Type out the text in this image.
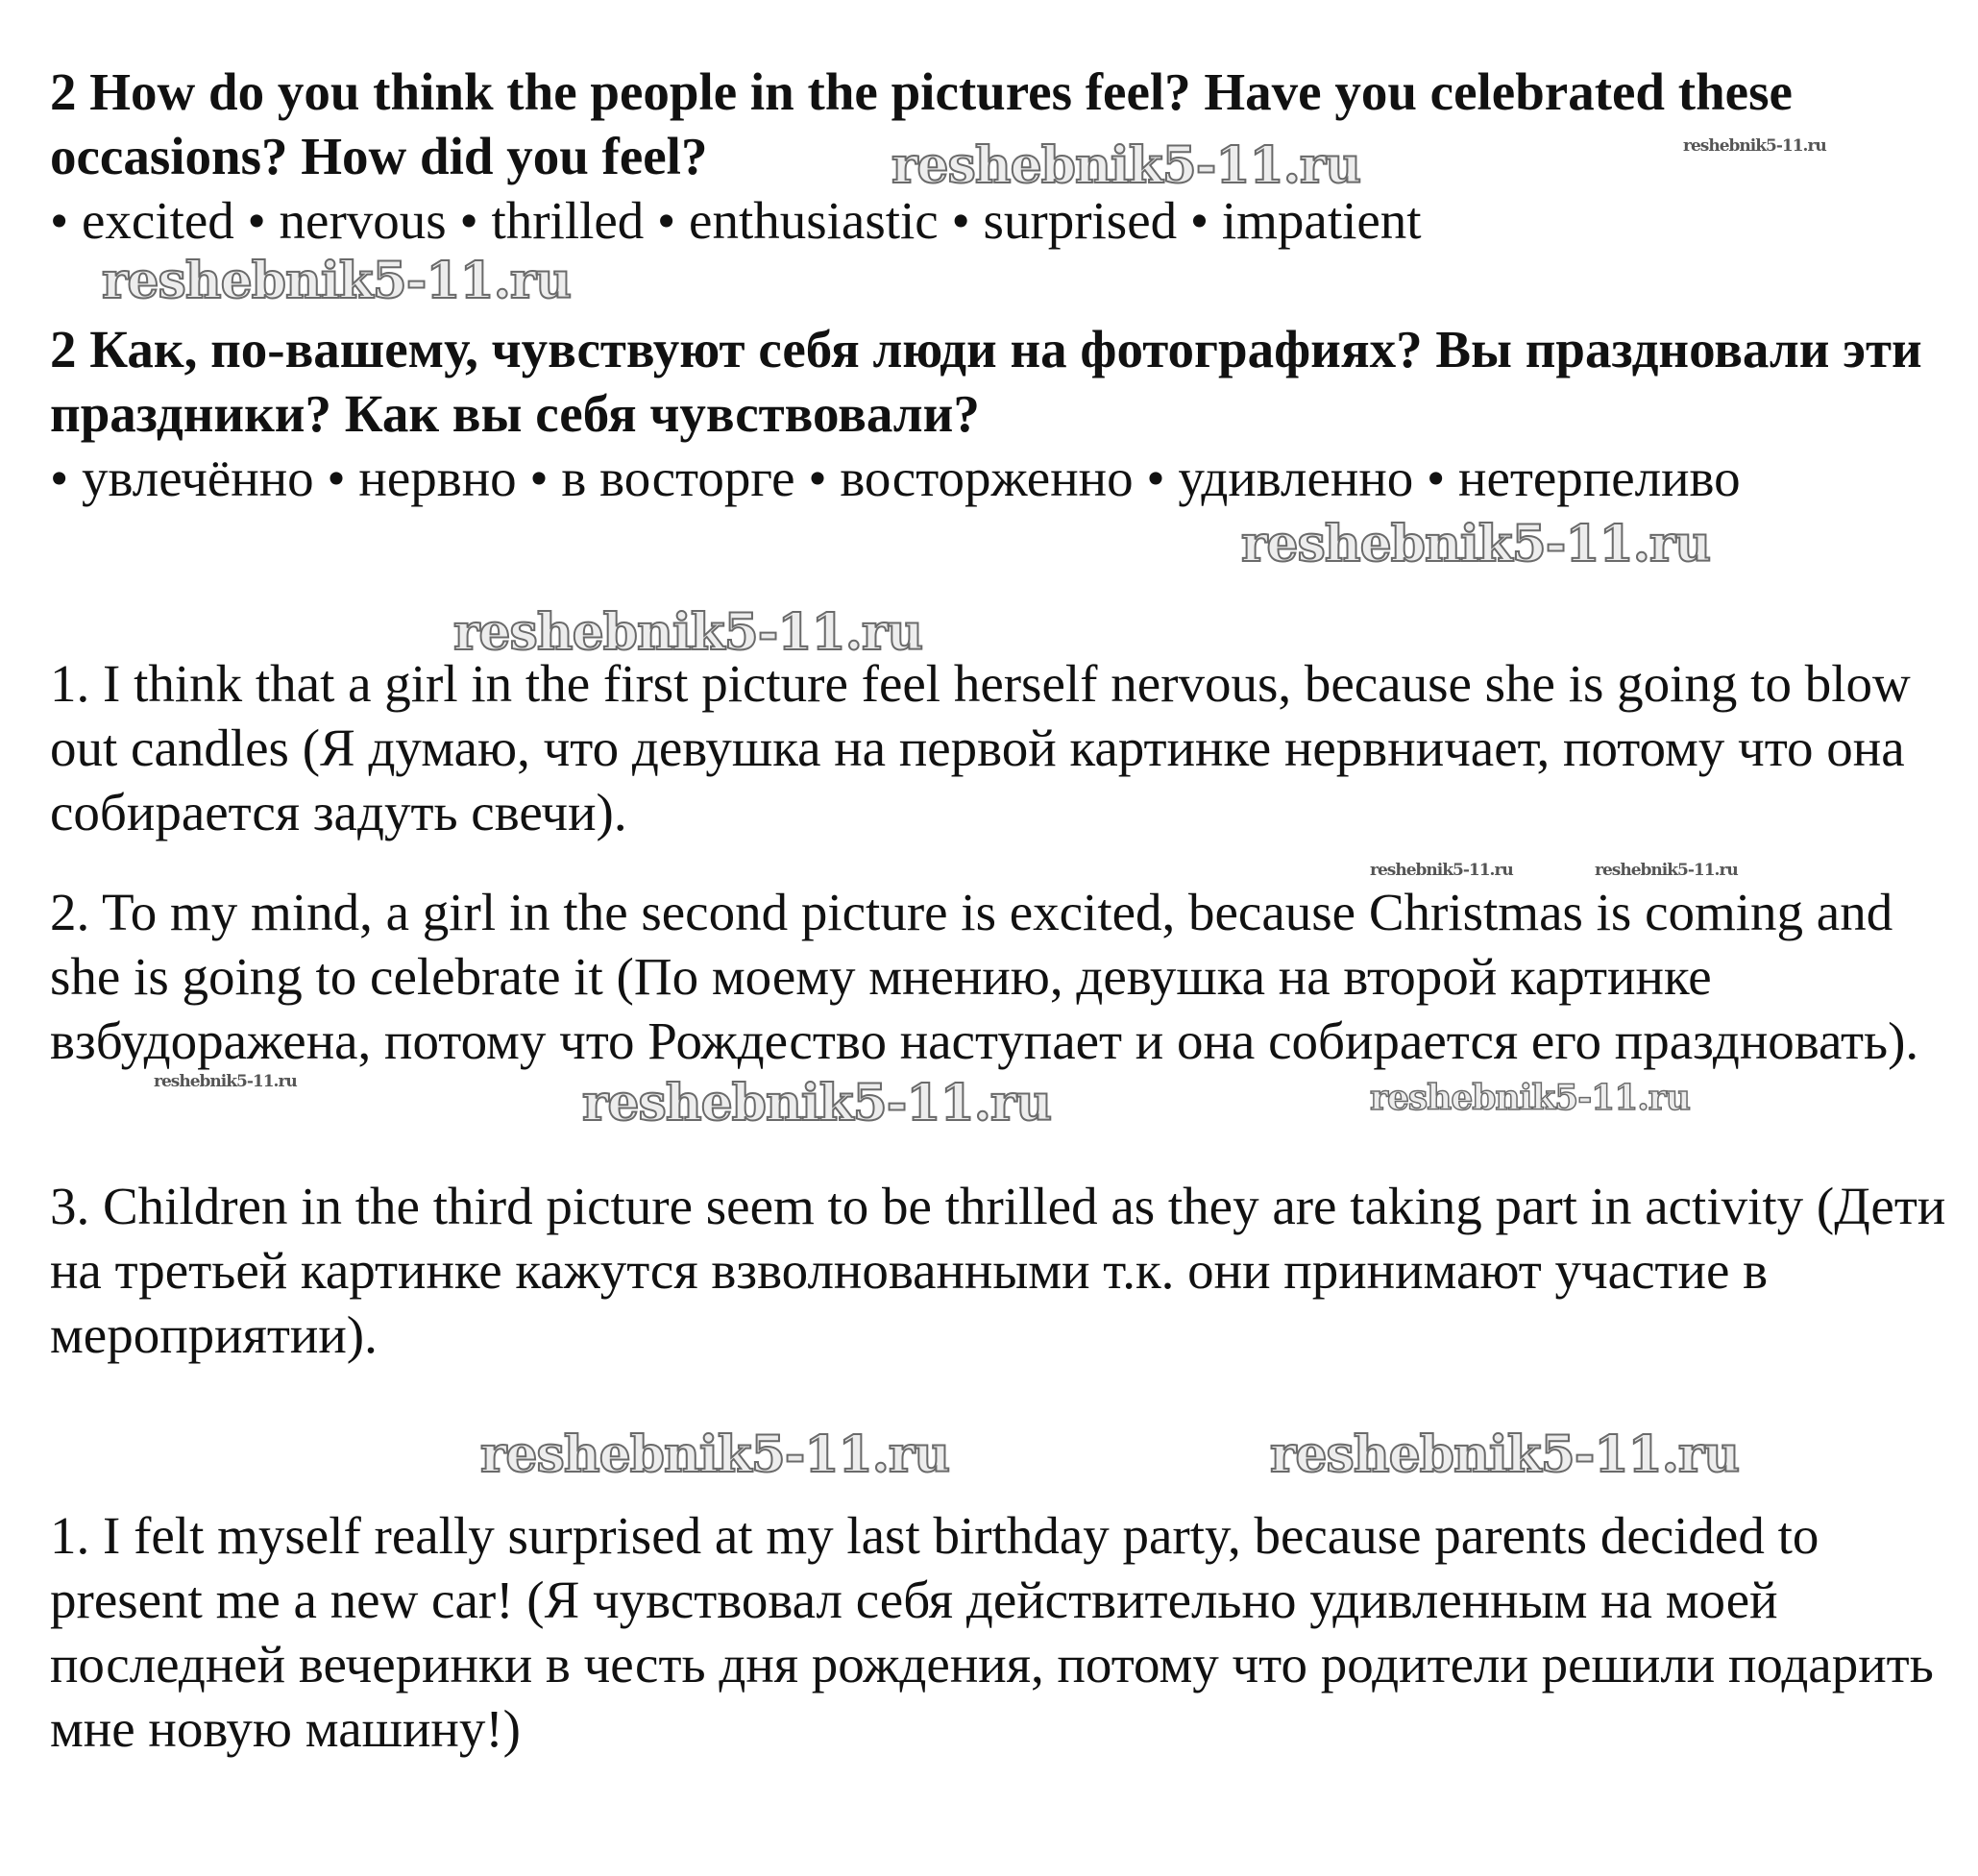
2 How do you think the people in the pictures feel? Have you celebrated these occasions? How did you feel?

• excited • nervous • thrilled • enthusiastic • surprised • impatient

2 Как, по-вашему, чувствуют себя люди на фотографиях? Вы праздновали эти праздники? Как вы себя чувствовали?

• увлечённо • нервно • в восторге • восторженно • удивленно • нетерпеливо

1. I think that a girl in the first picture feel herself nervous, because she is going to blow out candles (Я думаю, что девушка на первой картинке нервничает, потому что она собирается задуть свечи).

2. To my mind, a girl in the second picture is excited, because Christmas is coming and she is going to celebrate it (По моему мнению, девушка на второй картинке взбудоражена, потому что Рождество наступает и она собирается его праздновать).

3. Children in the third picture seem to be thrilled as they are taking part in activity (Дети на третьей картинке кажутся взволнованными т.к. они принимают участие в мероприятии).

1. I felt myself really surprised at my last birthday party, because parents decided to present me a new car! (Я чувствовал себя действительно удивленным на моей последней вечеринки в честь дня рождения, потому что родители решили подарить мне новую машину!)

reshebnik5-11.ru	reshebnik5-11.ru
reshebnik5-11.ru
reshebnik5-11.ru
reshebnik5-11.ru
reshebnik5-11.ru	reshebnik5-11.ru
reshebnik5-11.ru	reshebnik5-11.ru	reshebnik5-11.ru
reshebnik5-11.ru	reshebnik5-11.ru
